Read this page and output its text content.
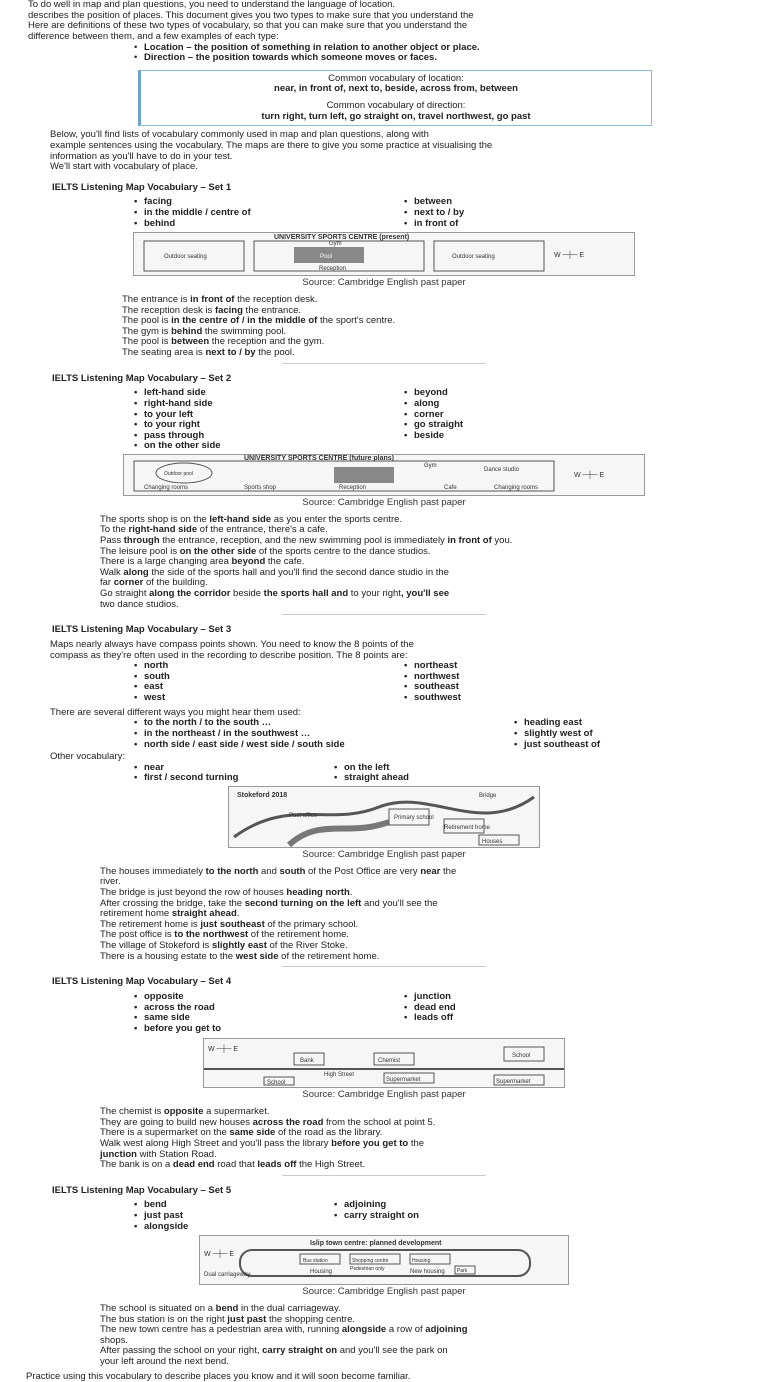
To do well in map and plan questions, you need to understand the language of location.

describes the position of places. This document gives you two types to make sure that you understand the

Here are definitions of these two types of vocabulary, so that you can make sure that you understand the

difference between them, and a few examples of each type:

• Location – the position of something in relation to another object or place.
• Direction – the position towards which someone moves or faces.
Common vocabulary of location:
near, in front of, next to, beside, across from, between
Common vocabulary of direction:
turn right, turn left, go straight on, travel northwest, go past

Below, you'll find lists of vocabulary commonly used in map and plan questions, along with

example sentences using the vocabulary. The maps are there to give you some practice at visualising the

information as you'll have to do in your test.

We'll start with vocabulary of place.

IELTS Listening Map Vocabulary – Set 1
• facing
• in the middle / centre of
• behind
• between
• next to / by
• in front of
W ─┼─ E
UNIVERSITY SPORTS CENTRE (present)
Outdoor seating
Gym
Reception
Outdoor seating
Pool

Source: Cambridge English past paper

The entrance is in front of the reception desk.

The reception desk is facing the entrance.

The pool is in the centre of / in the middle of the sport's centre.

The gym is behind the swimming pool.

The pool is between the reception and the gym.

The seating area is next to / by the pool.

IELTS Listening Map Vocabulary – Set 2
• left-hand side
• right-hand side
• to your left
• to your right
• pass through
• on the other side
• beyond
• along
• corner
• go straight
• beside
W ─┼─ E
UNIVERSITY SPORTS CENTRE (future plans)
Gym
Changing rooms	Sports shop	Reception	Cafe	Changing rooms
Dance studio
Outdoor pool

Source: Cambridge English past paper

The sports shop is on the left-hand side as you enter the sports centre.

To the right-hand side of the entrance, there's a cafe.

Pass through the entrance, reception, and the new swimming pool is immediately in front of you.

The leisure pool is on the other side of the sports centre to the dance studios.

There is a large changing area beyond the cafe.

Walk along the side of the sports hall and you'll find the second dance studio in the

far corner of the building.

Go straight along the corridor beside the sports hall and to your right, you'll see

two dance studios.

IELTS Listening Map Vocabulary – Set 3

Maps nearly always have compass points shown. You need to know the 8 points of the

compass as they're often used in the recording to describe position. The 8 points are:

• north
• south
• east
• west
• northeast
• northwest
• southeast
• southwest

There are several different ways you might hear them used:

• to the north / to the south …
• in the northeast / in the southwest …
• north side / east side / west side / south side
• heading east
• slightly west of
• just southeast of

Other vocabulary:

• near
• first / second turning
• on the left
• straight ahead
Stokeford 2018	Bridge
Post office	Primary school
Retirement home
Houses

Source: Cambridge English past paper

The houses immediately to the north and south of the Post Office are very near the

river.

The bridge is just beyond the row of houses heading north.

After crossing the bridge, take the second turning on the left and you'll see the

retirement home straight ahead.

The retirement home is just southeast of the primary school.

The post office is to the northwest of the retirement home.

The village of Stokeford is slightly east of the River Stoke.

There is a housing estate to the west side of the retirement home.

IELTS Listening Map Vocabulary – Set 4
• opposite
• across the road
• same side
• before you get to
• junction
• dead end
• leads off
W ─┼─ E
Bank	Chemist
School
High Street
Supermarket	Supermarket
School

Source: Cambridge English past paper

The chemist is opposite a supermarket.

They are going to build new houses across the road from the school at point 5.

There is a supermarket on the same side of the road as the library.

Walk west along High Street and you'll pass the library before you get to the

junction with Station Road.

The bank is on a dead end road that leads off the High Street.

IELTS Listening Map Vocabulary – Set 5
• bend
• just past
• alongside
• adjoining
• carry straight on
W ─┼─ E
Islip town centre: planned development
Dual carriageway
Bus station	Shopping centre
Housing	New housing Park
Pedestrian only
Housing

Source: Cambridge English past paper

The school is situated on a bend in the dual carriageway.

The bus station is on the right just past the shopping centre.

The new town centre has a pedestrian area with, running alongside a row of adjoining

shops.

After passing the school on your right, carry straight on and you'll see the park on

your left around the next bend.

Practice using this vocabulary to describe places you know and it will soon become familiar.
